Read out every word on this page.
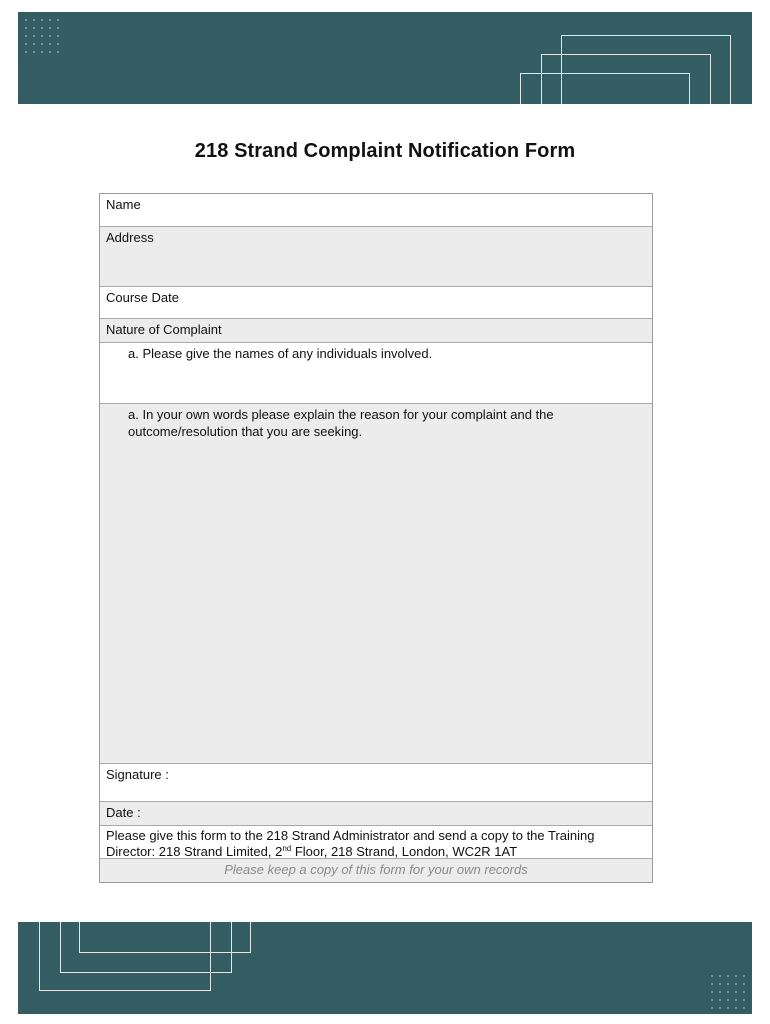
218 Strand Complaint Notification Form
Name
Address
Course Date
Nature of Complaint
a. Please give the names of any individuals involved.
a. In your own words please explain the reason for your complaint and the outcome/resolution that you are seeking.
Signature :
Date :
Please give this form to the 218 Strand Administrator and send a copy to the Training Director: 218 Strand Limited, 2nd Floor, 218 Strand, London, WC2R 1AT
Please keep a copy of this form for your own records
